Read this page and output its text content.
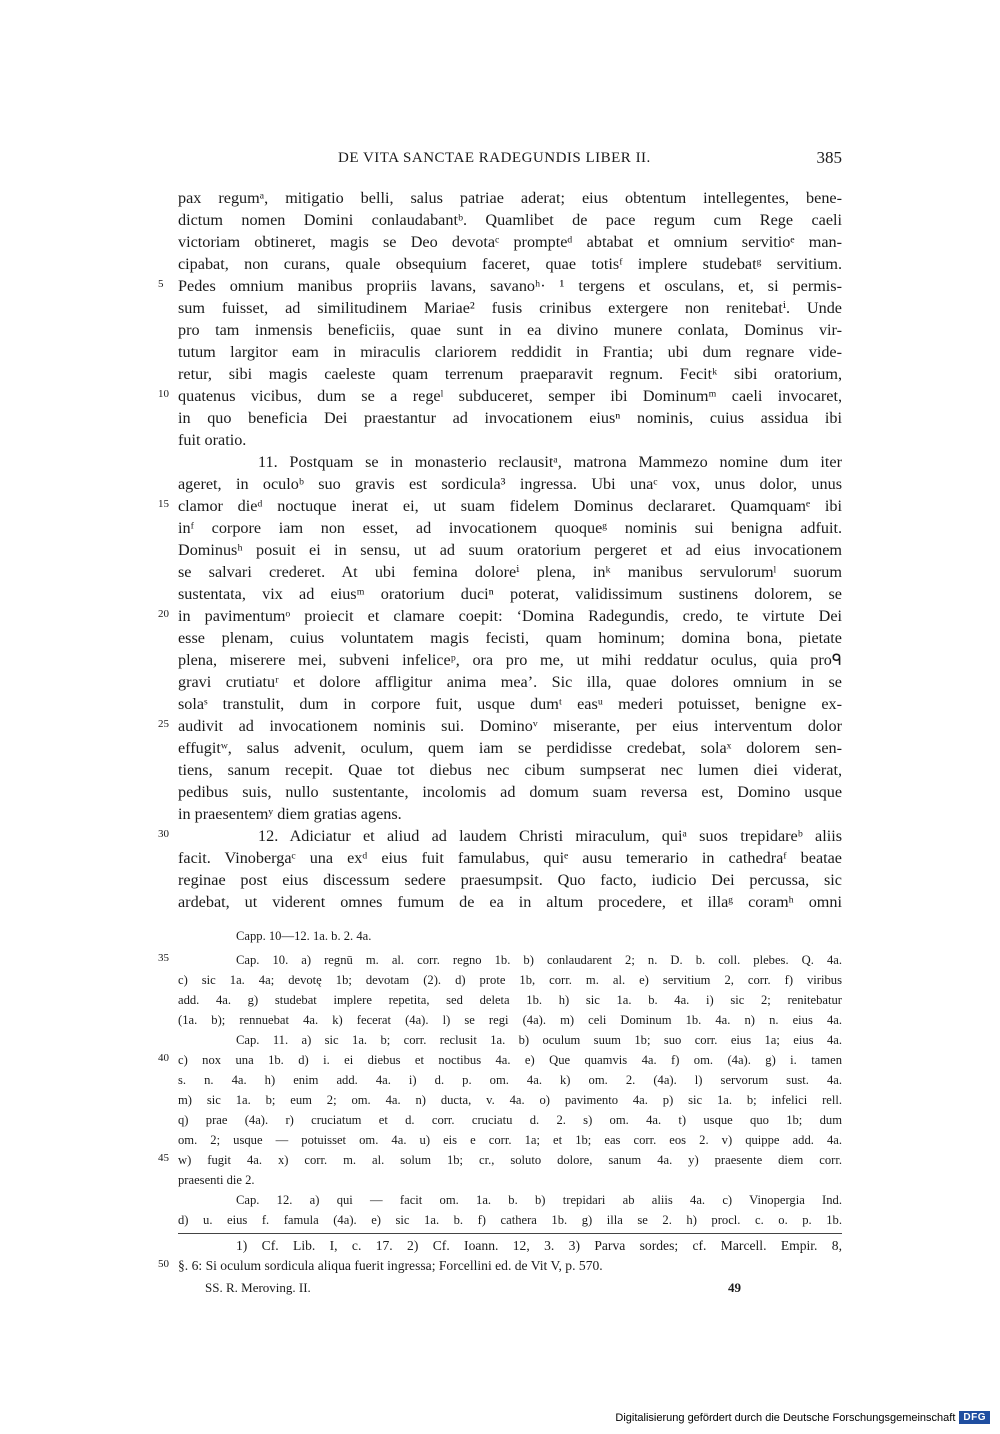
DE VITA SANCTAE RADEGUNDIS LIBER II.	385
pax regumᵃ, mitigatio belli, salus patriae aderat; eius obtentum intellegentes, bene-
dictum nomen Domini conlaudabantᵇ. Quamlibet de pace regum cum Rege caeli
victoriam obtineret, magis se Deo devotaᶜ prompteᵈ abtabat et omnium servitioᵉ man-
cipabat, non curans, quale obsequium faceret, quae totisᶠ implere studebatᵍ servitium.
Pedes omnium manibus propriis lavans, savanoʰ· ¹ tergens et osculans, et, si permis-
sum fuisset, ad similitudinem Mariae² fusis crinibus extergere non renitebatⁱ. Unde
pro tam inmensis beneficiis, quae sunt in ea divino munere conlata, Dominus vir-
tutum largitor eam in miraculis clariorem reddidit in Frantia; ubi dum regnare vide-
retur, sibi magis caeleste quam terrenum praeparavit regnum. Fecitᵏ sibi oratorium,
quatenus vicibus, dum se a regeˡ subduceret, semper ibi Dominumᵐ caeli invocaret,
in quo beneficia Dei praestantur ad invocationem eiusⁿ nominis, cuius assidua ibi
fuit oratio.
11. Postquam se in monasterio reclausitᵃ, matrona Mammezo nomine dum iter
ageret, in oculoᵇ suo gravis est sordicula³ ingressa. Ubi unaᶜ vox, unus dolor, unus
clamor dieᵈ noctuque inerat ei, ut suam fidelem Dominus declararet. Quamquamᵉ ibi
inᶠ corpore iam non esset, ad invocationem quoqueᵍ nominis sui benigna adfuit.
Dominusʰ posuit ei in sensu, ut ad suum oratorium pergeret et ad eius invocationem
se salvari crederet. At ubi femina doloreⁱ plena, inᵏ manibus servulorumˡ suorum
sustentata, vix ad eiusᵐ oratorium duciⁿ poterat, validissimum sustinens dolorem, se
in pavimentumᵒ proiecit et clamare coepit: ‘Domina Radegundis, credo, te virtute Dei
esse plenam, cuius voluntatem magis fecisti, quam hominum; domina bona, pietate
plena, miserere mei, subveni infeliceᵖ, ora pro me, ut mihi reddatur oculus, quia proᑫ
gravi crutiatuʳ et dolore affligitur anima mea’. Sic illa, quae dolores omnium in se
solaˢ transtulit, dum in corpore fuit, usque dumᵗ easᵘ mederi potuisset, benigne ex-
audivit ad invocationem nominis sui. Dominoᵛ miserante, per eius interventum dolor
effugitʷ, salus advenit, oculum, quem iam se perdidisse credebat, solaˣ dolorem sen-
tiens, sanum recepit. Quae tot diebus nec cibum sumpserat nec lumen diei viderat,
pedibus suis, nullo sustentante, incolomis ad domum suam reversa est, Domino usque
in praesentemʸ diem gratias agens.
12. Adiciatur et aliud ad laudem Christi miraculum, quiᵃ suos trepidareᵇ aliis
facit. Vinobergaᶜ una exᵈ eius fuit famulabus, quiᵉ ausu temerario in cathedraᶠ beatae
reginae post eius discessum sedere praesumpsit. Quo facto, iudicio Dei percussa, sic
ardebat, ut viderent omnes fumum de ea in altum procedere, et illaᵍ coramʰ omni
5
10
15
20
25
30
Capp. 10—12. 1a. b. 2. 4a.
Cap. 10. a) regnū m. al. corr. regno 1b. b) conlaudarent 2; n. D. b. coll. plebes. Q. 4a.
c) sic 1a. 4a; devotę 1b; devotam (2). d) prote 1b, corr. m. al. e) servitium 2, corr. f) viribus
add. 4a. g) studebat implere repetita, sed deleta 1b. h) sic 1a. b. 4a. i) sic 2; renitebatur
(1a. b); rennuebat 4a. k) fecerat (4a). l) se regi (4a). m) celi Dominum 1b. 4a. n) n. eius 4a.
Cap. 11. a) sic 1a. b; corr. reclusit 1a. b) oculum suum 1b; suo corr. eius 1a; eius 4a.
c) nox una 1b. d) i. ei diebus et noctibus 4a. e) Que quamvis 4a. f) om. (4a). g) i. tamen
s. n. 4a. h) enim add. 4a. i) d. p. om. 4a. k) om. 2. (4a). l) servorum sust. 4a.
m) sic 1a. b; eum 2; om. 4a. n) ducta, v. 4a. o) pavimento 4a. p) sic 1a. b; infelici rell.
q) prae (4a). r) cruciatum et d. corr. cruciatu d. 2. s) om. 4a. t) usque quo 1b; dum
om. 2; usque — potuisset om. 4a. u) eis e corr. 1a; et 1b; eas corr. eos 2. v) quippe add. 4a.
w) fugit 4a. x) corr. m. al. solum 1b; cr., soluto dolore, sanum 4a. y) praesente diem corr.
praesenti die 2.
Cap. 12. a) qui — facit om. 1a. b. b) trepidari ab aliis 4a. c) Vinopergia Ind.
d) u. eius f. famula (4a). e) sic 1a. b. f) cathera 1b. g) illa se 2. h) procl. c. o. p. 1b.
35
40
45
1) Cf. Lib. I, c. 17. 2) Cf. Ioann. 12, 3. 3) Parva sordes; cf. Marcell. Empir. 8,
§. 6: Si oculum sordicula aliqua fuerit ingressa; Forcellini ed. de Vit V, p. 570.
50
SS. R. Meroving. II.	49
Digitalisierung gefördert durch die Deutsche Forschungsgemeinschaft DFG
